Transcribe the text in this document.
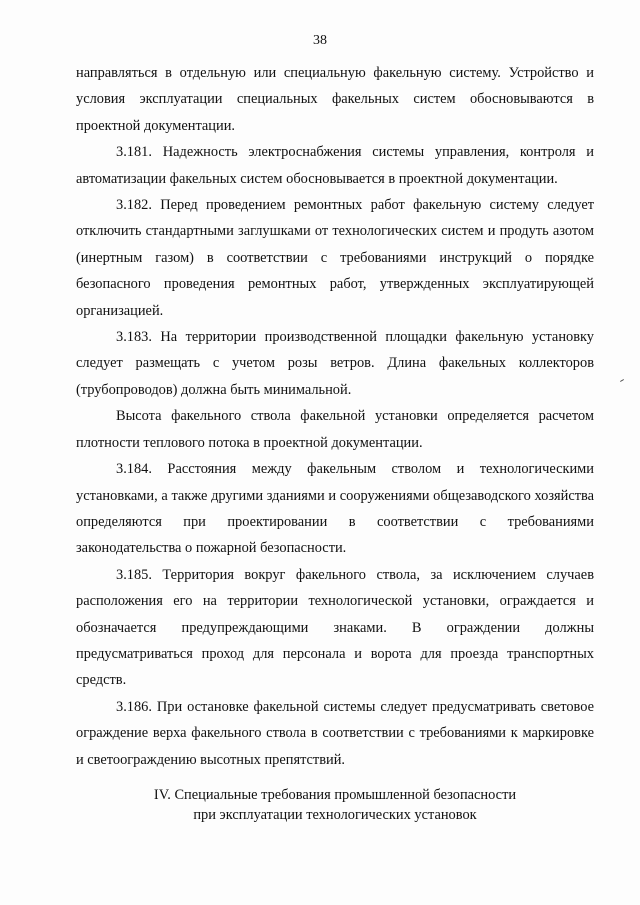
38

направляться в отдельную или специальную факельную систему. Устройство и условия эксплуатации специальных факельных систем обосновываются в проектной документации.

3.181. Надежность электроснабжения системы управления, контроля и автоматизации факельных систем обосновывается в проектной документации.

3.182. Перед проведением ремонтных работ факельную систему следует отключить стандартными заглушками от технологических систем и продуть азотом (инертным газом) в соответствии с требованиями инструкций о порядке безопасного проведения ремонтных работ, утвержденных эксплуатирующей организацией.

3.183. На территории производственной площадки факельную установку следует размещать с учетом розы ветров. Длина факельных коллекторов (трубопроводов) должна быть минимальной.

Высота факельного ствола факельной установки определяется расчетом плотности теплового потока в проектной документации.

3.184. Расстояния между факельным стволом и технологическими установками, а также другими зданиями и сооружениями общезаводского хозяйства определяются при проектировании в соответствии с требованиями законодательства о пожарной безопасности.

3.185. Территория вокруг факельного ствола, за исключением случаев расположения его на территории технологической установки, ограждается и обозначается предупреждающими знаками. В ограждении должны предусматриваться проход для персонала и ворота для проезда транспортных средств.

3.186. При остановке факельной системы следует предусматривать световое ограждение верха факельного ствола в соответствии с требованиями к маркировке и светоограждению высотных препятствий.

IV. Специальные требования промышленной безопасности
при эксплуатации технологических установок
